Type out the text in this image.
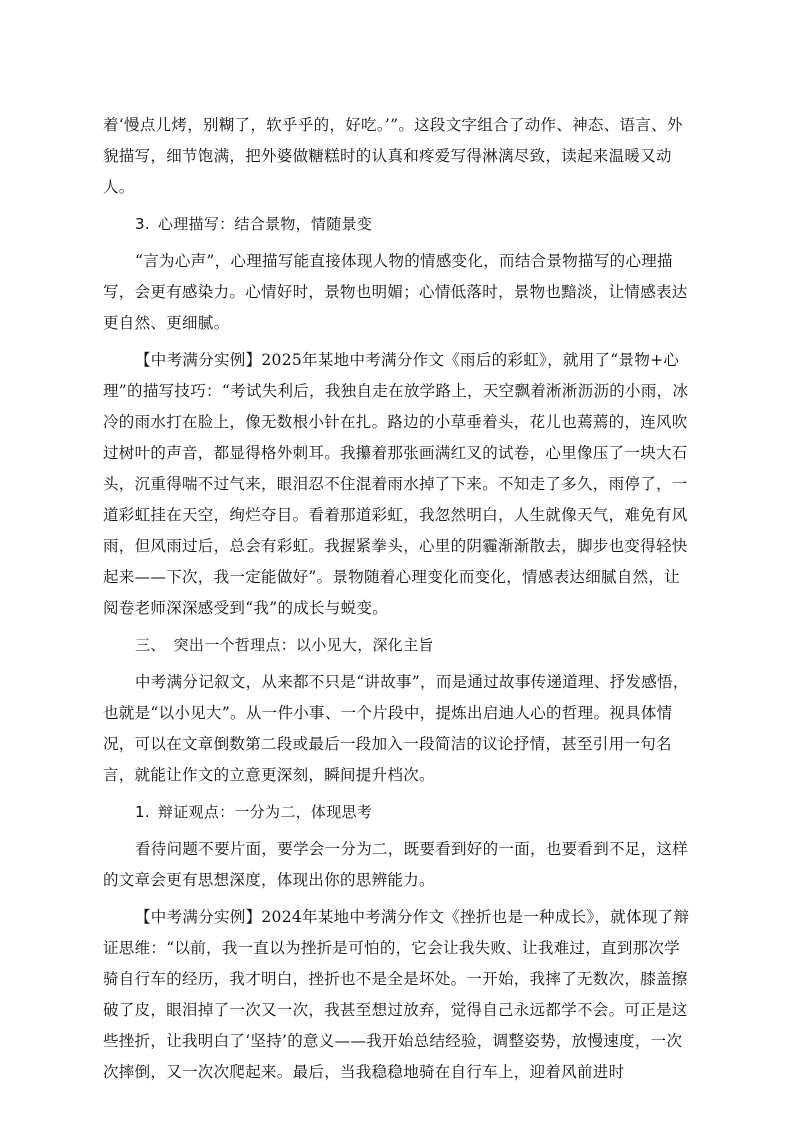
着‘慢点儿烤，别糊了，软乎乎的，好吃。’”。这段文字组合了动作、神态、语言、外貌描写，细节饱满，把外婆做糖糕时的认真和疼爱写得淋漓尽致，读起来温暖又动人。

3. 心理描写：结合景物，情随景变

“言为心声”，心理描写能直接体现人物的情感变化，而结合景物描写的心理描写，会更有感染力。心情好时，景物也明媚；心情低落时，景物也黯淡，让情感表达更自然、更细腻。

【中考满分实例】2025年某地中考满分作文《雨后的彩虹》，就用了“景物+心理”的描写技巧：“考试失利后，我独自走在放学路上，天空飘着淅淅沥沥的小雨，冰冷的雨水打在脸上，像无数根小针在扎。路边的小草垂着头，花儿也蔫蔫的，连风吹过树叶的声音，都显得格外刺耳。我攥着那张画满红叉的试卷，心里像压了一块大石头，沉重得喘不过气来，眼泪忍不住混着雨水掉了下来。不知走了多久，雨停了，一道彩虹挂在天空，绚烂夺目。看着那道彩虹，我忽然明白，人生就像天气，难免有风雨，但风雨过后，总会有彩虹。我握紧拳头，心里的阴霾渐渐散去，脚步也变得轻快起来——下次，我一定能做好”。景物随着心理变化而变化，情感表达细腻自然，让阅卷老师深深感受到“我”的成长与蜕变。

三、 突出一个哲理点：以小见大，深化主旨

中考满分记叙文，从来都不只是“讲故事”，而是通过故事传递道理、抒发感悟，也就是“以小见大”。从一件小事、一个片段中，提炼出启迪人心的哲理。视具体情况，可以在文章倒数第二段或最后一段加入一段简洁的议论抒情，甚至引用一句名言，就能让作文的立意更深刻，瞬间提升档次。

1. 辩证观点：一分为二，体现思考

看待问题不要片面，要学会一分为二，既要看到好的一面，也要看到不足，这样的文章会更有思想深度，体现出你的思辨能力。

【中考满分实例】2024年某地中考满分作文《挫折也是一种成长》，就体现了辩证思维：“以前，我一直以为挫折是可怕的，它会让我失败、让我难过，直到那次学骑自行车的经历，我才明白，挫折也不是全是坏处。一开始，我摔了无数次，膝盖擦破了皮，眼泪掉了一次又一次，我甚至想过放弃，觉得自己永远都学不会。可正是这些挫折，让我明白了‘坚持’的意义——我开始总结经验，调整姿势，放慢速度，一次次摔倒，又一次次爬起来。最后，当我稳稳地骑在自行车上，迎着风前进时
